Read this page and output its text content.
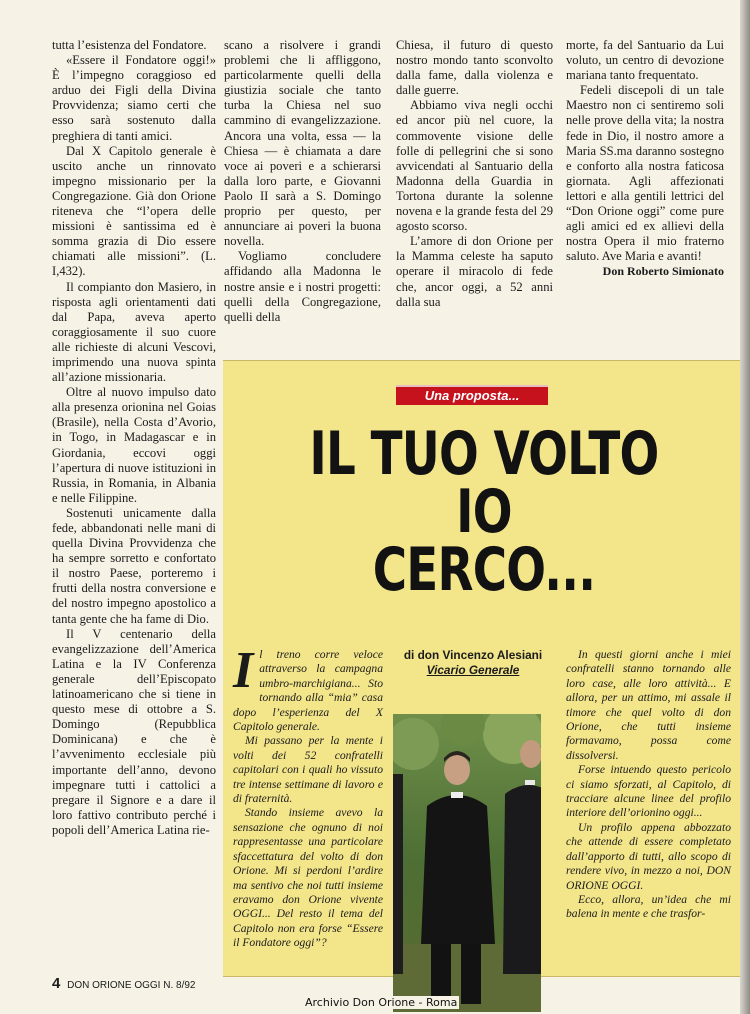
tutta l’esistenza del Fondatore.

«Essere il Fondatore oggi!» È l’impegno coraggioso ed arduo dei Figli della Divina Provvidenza; siamo certi che esso sarà sostenuto dalla preghiera di tanti amici.

Dal X Capitolo generale è uscito anche un rinnovato impegno missionario per la Congregazione. Già don Orione riteneva che “l’opera delle missioni è santissima ed è somma grazia di Dio essere chiamati alle missioni”. (L. I,432).

Il compianto don Masiero, in risposta agli orientamenti dati dal Papa, aveva aperto coraggiosamente il suo cuore alle richieste di alcuni Vescovi, imprimendo una nuova spinta all’azione missionaria.

Oltre al nuovo impulso dato alla presenza orionina nel Goias (Brasile), nella Costa d’Avorio, in Togo, in Madagascar e in Giordania, eccovi oggi l’apertura di nuove istituzioni in Russia, in Romania, in Albania e nelle Filippine.

Sostenuti unicamente dalla fede, abbandonati nelle mani di quella Divina Provvidenza che ha sempre sorretto e confortato il nostro Paese, porteremo i frutti della nostra conversione e del nostro impegno apostolico a tanta gente che ha fame di Dio.

Il V centenario della evangelizzazione dell’America Latina e la IV Conferenza generale dell’Episcopato latinoamericano che si tiene in questo mese di ottobre a S. Domingo (Repubblica Dominicana) e che è l’avvenimento ecclesiale più importante dell’anno, devono impegnare tutti i cattolici a pregare il Signore e a dare il loro fattivo contributo perché i popoli dell’America Latina rie-

scano a risolvere i grandi problemi che li affliggono, particolarmente quelli della giustizia sociale che tanto turba la Chiesa nel suo cammino di evangelizzazione. Ancora una volta, essa — la Chiesa — è chiamata a dare voce ai poveri e a schierarsi dalla loro parte, e Giovanni Paolo II sarà a S. Domingo proprio per questo, per annunciare ai poveri la buona novella.

Vogliamo concludere affidando alla Madonna le nostre ansie e i nostri progetti: quelli della Congregazione, quelli della

Chiesa, il futuro di questo nostro mondo tanto sconvolto dalla fame, dalla violenza e dalle guerre.

Abbiamo viva negli occhi ed ancor più nel cuore, la commovente visione delle folle di pellegrini che si sono avvicendati al Santuario della Madonna della Guardia in Tortona durante la solenne novena e la grande festa del 29 agosto scorso.

L’amore di don Orione per la Mamma celeste ha saputo operare il miracolo di fede che, ancor oggi, a 52 anni dalla sua

morte, fa del Santuario da Lui voluto, un centro di devozione mariana tanto frequentato.

Fedeli discepoli di un tale Maestro non ci sentiremo soli nelle prove della vita; la nostra fede in Dio, il nostro amore a Maria SS.ma daranno sostegno e conforto alla nostra faticosa giornata. Agli affezionati lettori e alla gentili lettrici del “Don Orione oggi” come pure agli amici ed ex allievi della nostra Opera il mio fraterno saluto. Ave Maria e avanti!

Don Roberto Simionato

Una proposta...
IL TUO VOLTO
IO
CERCO...

I l treno corre veloce attraverso la campagna umbro-marchigiana... Sto tornando alla “mia” casa dopo l’esperienza del X Capitolo generale.

Mi passano per la mente i volti dei 52 confratelli capitolari con i quali ho vissuto tre intense settimane di lavoro e di fraternità.

Stando insieme avevo la sensazione che ognuno di noi rappresentasse una particolare sfaccettatura del volto di don Orione. Mi si perdoni l’ardire ma sentivo che noi tutti insieme eravamo don Orione vivente OGGI... Del resto il tema del Capitolo non era forse “Essere il Fondatore oggi”?

di don Vincenzo Alesiani
Vicario Generale

In questi giorni anche i miei confratelli stanno tornando alle loro case, alle loro attività... E allora, per un attimo, mi assale il timore che quel volto di don Orione, che tutti insieme formavamo, possa come dissolversi.

Forse intuendo questo pericolo ci siamo sforzati, al Capitolo, di tracciare alcune linee del profilo interiore dell’orionino oggi...

Un profilo appena abbozzato che attende di essere completato dall’apporto di tutti, allo scopo di rendere vivo, in mezzo a noi, DON ORIONE OGGI.

Ecco, allora, un’idea che mi balena in mente e che trasfor-

4 DON ORIONE OGGI N. 8/92
Archivio Don Orione - Roma
